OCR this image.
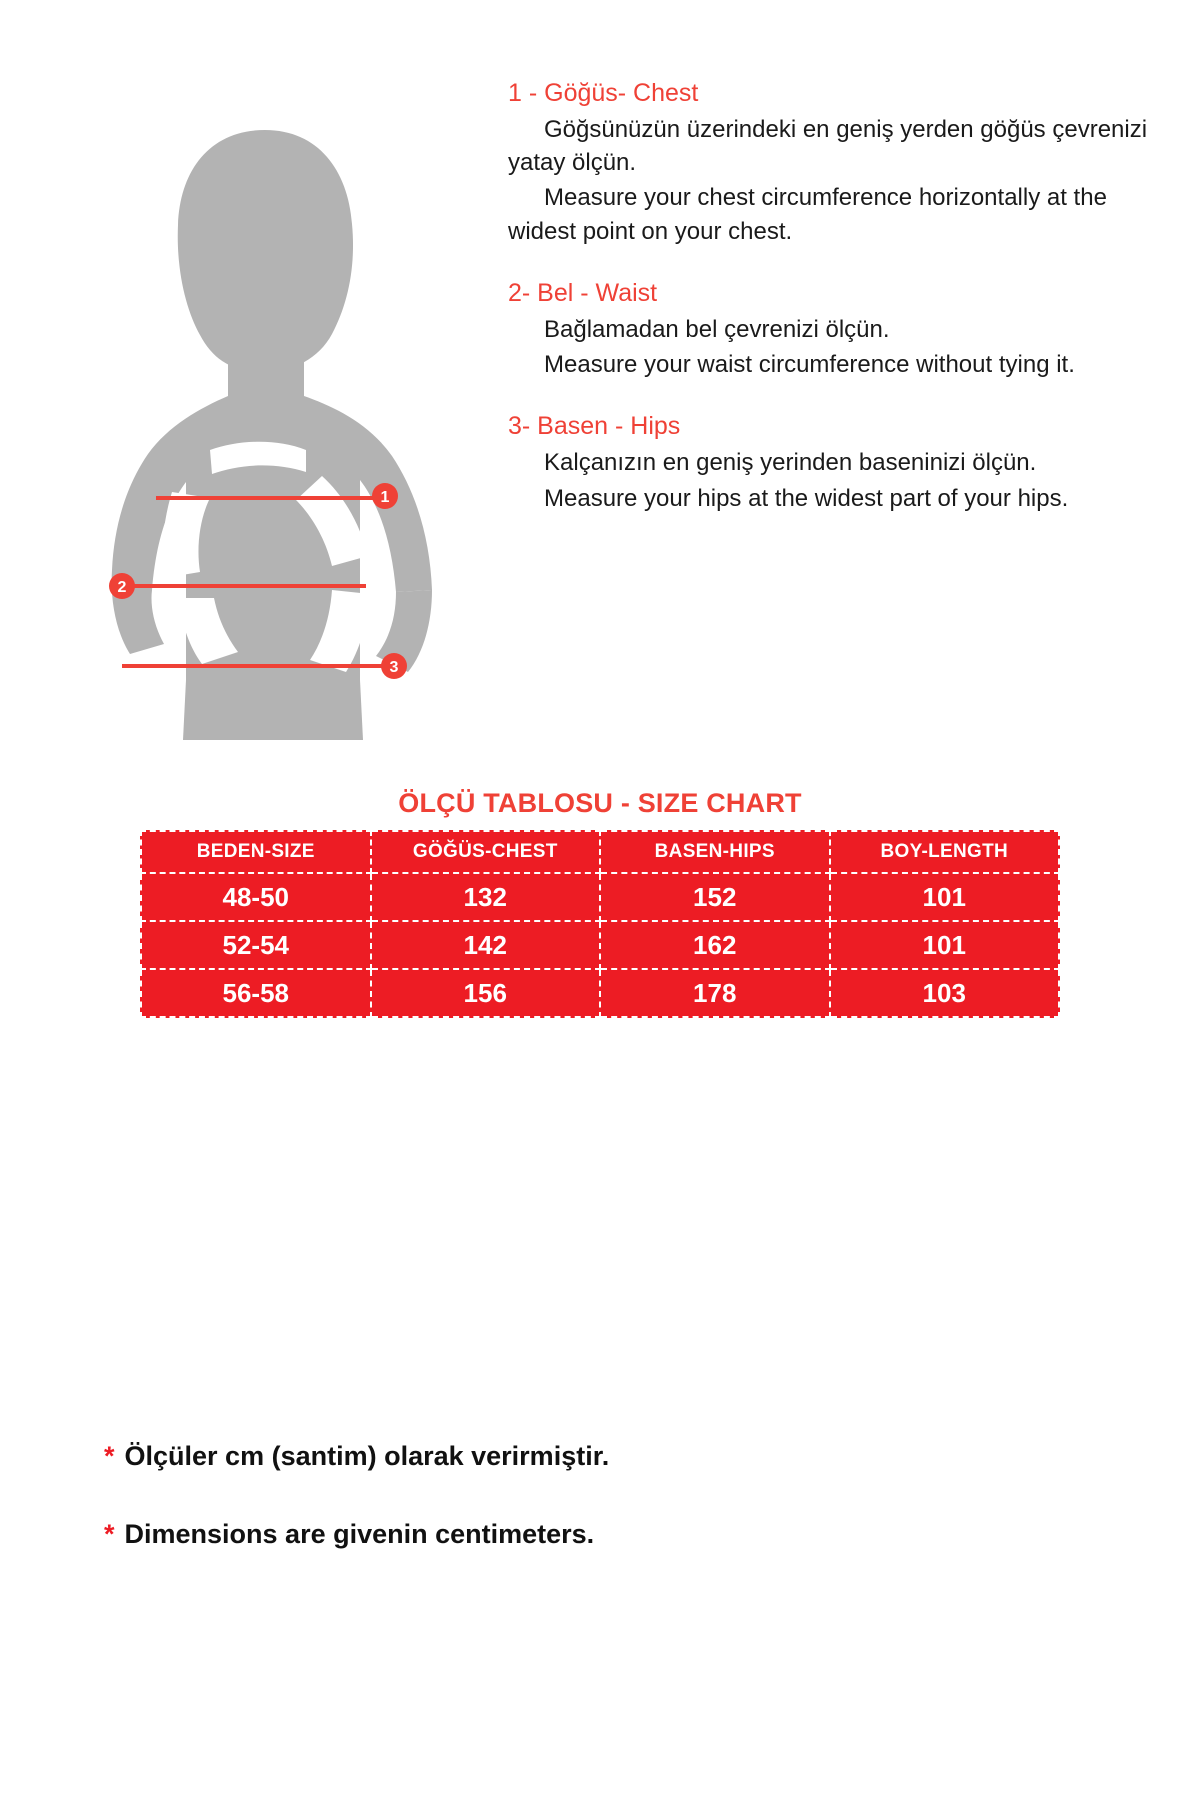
1
2
3

1 - Göğüs- Chest

Göğsünüzün üzerindeki en geniş yerden göğüs çevrenizi yatay ölçün.

Measure your chest circumference horizontally at the widest point on your chest.

2- Bel - Waist

Bağlamadan bel çevrenizi ölçün.

Measure your waist circumference without tying it.

3- Basen - Hips

Kalçanızın en geniş yerinden baseninizi ölçün.

Measure your hips at the widest part of your hips.

ÖLÇÜ TABLOSU - SIZE CHART
BEDEN-SIZE	GÖĞÜS-CHEST	BASEN-HIPS	BOY-LENGTH
48-50	132	152	101
52-54	142	162	101
56-58	156	178	103
* Ölçüler cm (santim) olarak verirmiştir.
* Dimensions are givenin centimeters.
